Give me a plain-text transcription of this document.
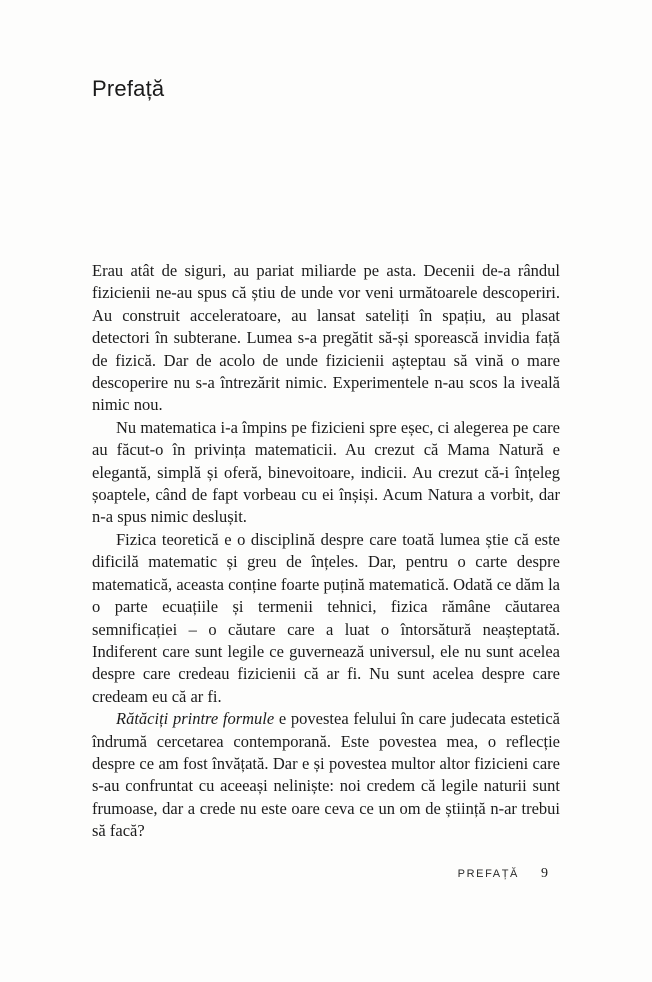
Prefață

Erau atât de siguri, au pariat miliarde pe asta. Decenii de-a rândul fizicienii ne-au spus că știu de unde vor veni următoarele descoperiri. Au construit acceleratoare, au lansat sateliți în spațiu, au plasat detectori în subterane. Lumea s-a pregătit să-și sporească invidia față de fizică. Dar de acolo de unde fizicienii așteptau să vină o mare descoperire nu s-a întrezărit nimic. Experimentele n-au scos la iveală nimic nou.

Nu matematica i-a împins pe fizicieni spre eșec, ci alegerea pe care au făcut-o în privința matematicii. Au crezut că Mama Natură e elegantă, simplă și oferă, binevoitoare, indicii. Au crezut că-i înțeleg șoaptele, când de fapt vorbeau cu ei înșiși. Acum Natura a vorbit, dar n-a spus nimic deslușit.

Fizica teoretică e o disciplină despre care toată lumea știe că este dificilă matematic și greu de înțeles. Dar, pentru o carte despre matematică, aceasta conține foarte puțină matematică. Odată ce dăm la o parte ecuațiile și termenii tehnici, fizica rămâne căutarea semnificației – o căutare care a luat o întorsătură neașteptată. Indiferent care sunt legile ce guvernează universul, ele nu sunt acelea despre care credeau fizicienii că ar fi. Nu sunt acelea despre care credeam eu că ar fi.

Rătăciți printre formule e povestea felului în care judecata estetică îndrumă cercetarea contemporană. Este povestea mea, o reflecție despre ce am fost învățată. Dar e și povestea multor altor fizicieni care s-au confruntat cu aceeași neliniște: noi credem că legile naturii sunt frumoase, dar a crede nu este oare ceva ce un om de știință n-ar trebui să facă?

PREFAȚĂ 9
